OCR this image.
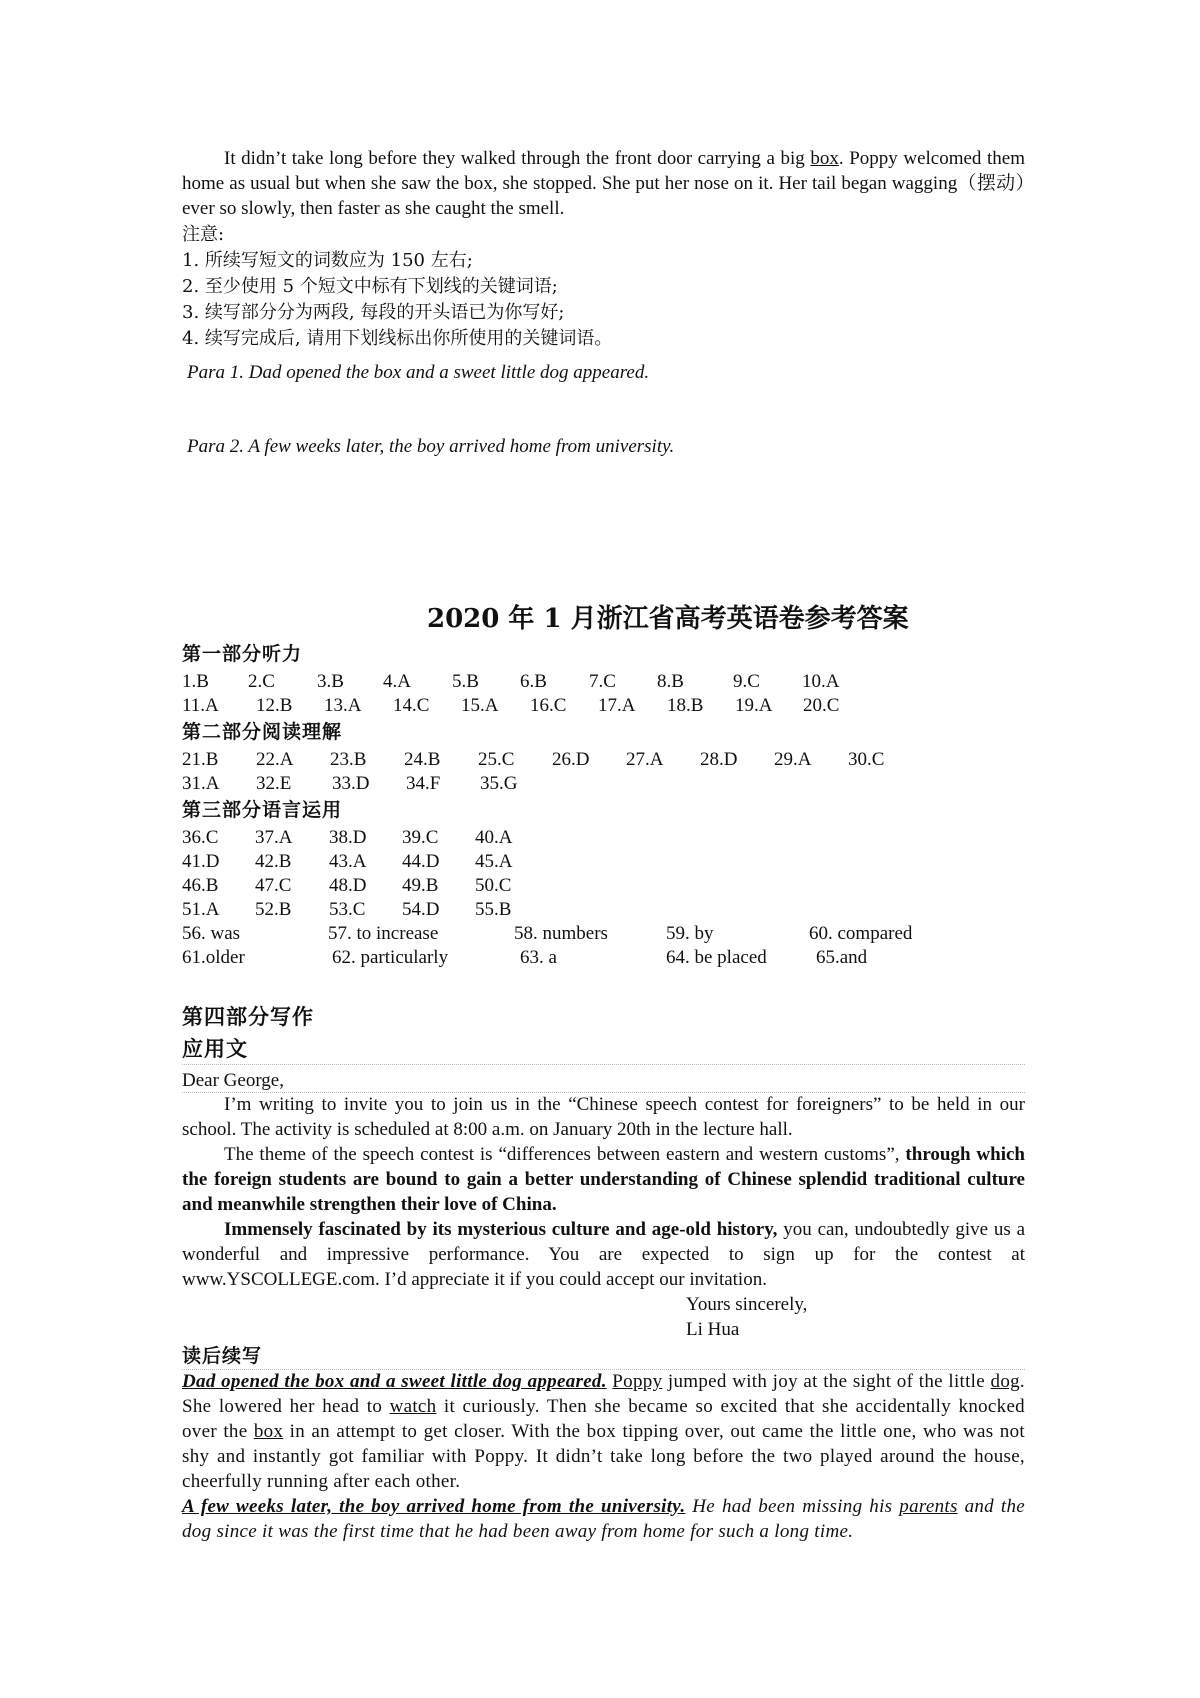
It didn’t take long before they walked through the front door carrying a big box. Poppy welcomed them home as usual but when she saw the box, she stopped. She put her nose on it. Her tail began wagging（摆动）ever so slowly, then faster as she caught the smell.
注意:
1. 所续写短文的词数应为 150 左右;
2. 至少使用 5 个短文中标有下划线的关键词语;
3. 续写部分分为两段, 每段的开头语已为你写好;
4. 续写完成后, 请用下划线标出你所使用的关键词语。
Para 1. Dad opened the box and a sweet little dog appeared.
Para 2. A few weeks later, the boy arrived home from university.
2020 年 1 月浙江省高考英语卷参考答案
第一部分听力
1.B 2.C 3.B 4.A 5.B 6.B 7.C 8.B	9.C 10.A
11.A 12.B 13.A 14.C 15.A 16.C 17.A 18.B 19.A 20.C
第二部分阅读理解
21.B 22.A 23.B 24.B 25.C 26.D 27.A 28.D 29.A 30.C
31.A 32.E 33.D 34.F 35.G
第三部分语言运用
36.C 37.A 38.D 39.C 40.A
41.D 42.B 43.A 44.D 45.A
46.B 47.C 48.D 49.B 50.C
51.A 52.B 53.C 54.D 55.B
56. was	57. to increase	58. numbers	59. by	60. compared
61.older	62. particularly	63. a	64. be placed	65.and
第四部分写作
应用文
Dear George,
I’m writing to invite you to join us in the “Chinese speech contest for foreigners” to be held in our school. The activity is scheduled at 8:00 a.m. on January 20th in the lecture hall.
The theme of the speech contest is “differences between eastern and western customs”, through which the foreign students are bound to gain a better understanding of Chinese splendid traditional culture and meanwhile strengthen their love of China.
Immensely fascinated by its mysterious culture and age-old history, you can, undoubtedly give us a wonderful and impressive performance. You are expected to sign up for the contest at www.YSCOLLEGE.com. I’d appreciate it if you could accept our invitation.
Yours sincerely,
Li Hua
读后续写
Dad opened the box and a sweet little dog appeared. Poppy jumped with joy at the sight of the little dog. She lowered her head to watch it curiously. Then she became so excited that she accidentally knocked over the box in an attempt to get closer. With the box tipping over, out came the little one, who was not shy and instantly got familiar with Poppy. It didn’t take long before the two played around the house, cheerfully running after each other.
A few weeks later, the boy arrived home from the university. He had been missing his parents and the dog since it was the first time that he had been away from home for such a long time.
